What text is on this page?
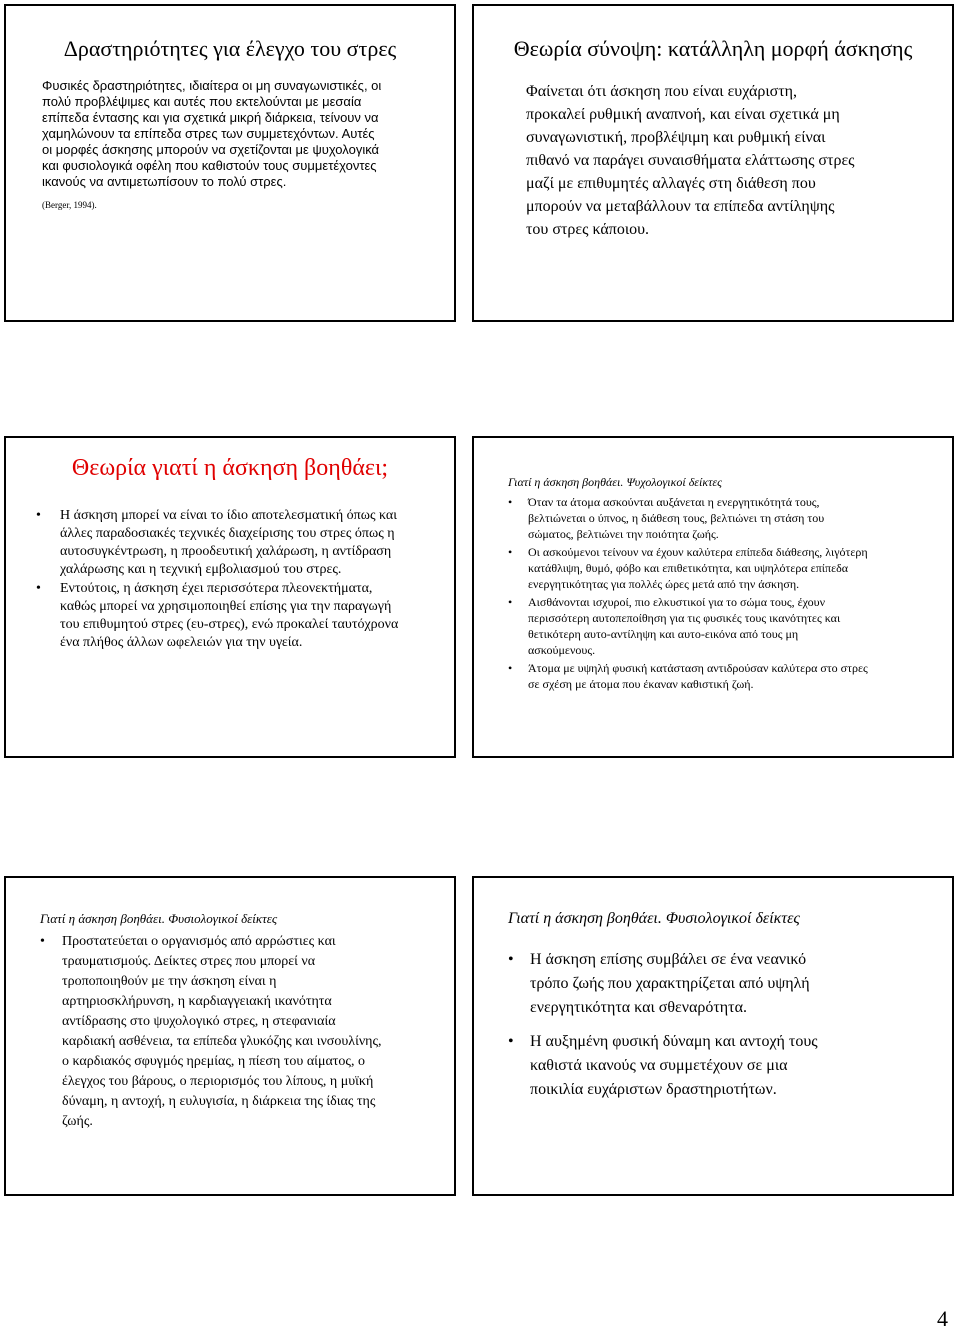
Δραστηριότητες για έλεγχο του στρες

Φυσικές δραστηριότητες, ιδιαίτερα οι μη συναγωνιστικές, οι πολύ προβλέψιμες και αυτές που εκτελούνται με μεσαία επίπεδα έντασης και για σχετικά μικρή διάρκεια, τείνουν να χαμηλώνουν τα επίπεδα στρες των συμμετεχόντων. Αυτές οι μορφές άσκησης μπορούν να σχετίζονται με ψυχολογικά και φυσιολογικά οφέλη που καθιστούν τους συμμετέχοντες ικανούς να αντιμετωπίσουν το πολύ στρες.

(Berger, 1994).

Θεωρία σύνοψη: κατάλληλη μορφή άσκησης

Φαίνεται ότι άσκηση που είναι ευχάριστη, προκαλεί ρυθμική αναπνοή, και είναι σχετικά μη συναγωνιστική, προβλέψιμη και ρυθμική είναι πιθανό να παράγει συναισθήματα ελάττωσης στρες μαζί με επιθυμητές αλλαγές στη διάθεση που μπορούν να μεταβάλλουν τα επίπεδα αντίληψης του στρες κάποιου.

Θεωρία γιατί η άσκηση βοηθάει;
• Η άσκηση μπορεί να είναι το ίδιο αποτελεσματική όπως και άλλες παραδοσιακές τεχνικές διαχείρισης του στρες όπως η αυτοσυγκέντρωση, η προοδευτική χαλάρωση, η αντίδραση χαλάρωσης και η τεχνική εμβολιασμού του στρες.
• Εντούτοις, η άσκηση έχει περισσότερα πλεονεκτήματα, καθώς μπορεί να χρησιμοποιηθεί επίσης για την παραγωγή του επιθυμητού στρες (ευ-στρες), ενώ προκαλεί ταυτόχρονα ένα πλήθος άλλων ωφελειών για την υγεία.

Γιατί η άσκηση βοηθάει. Ψυχολογικοί δείκτες

• Όταν τα άτομα ασκούνται αυξάνεται η ενεργητικότητά τους, βελτιώνεται ο ύπνος, η διάθεση τους, βελτιώνει τη στάση του σώματος, βελτιώνει την ποιότητα ζωής.
• Οι ασκούμενοι τείνουν να έχουν καλύτερα επίπεδα διάθεσης, λιγότερη κατάθλιψη, θυμό, φόβο και επιθετικότητα, και υψηλότερα επίπεδα ενεργητικότητας για πολλές ώρες μετά από την άσκηση.
• Αισθάνονται ισχυροί, πιο ελκυστικοί για το σώμα τους, έχουν περισσότερη αυτοπεποίθηση για τις φυσικές τους ικανότητες και θετικότερη αυτο-αντίληψη και αυτο-εικόνα από τους μη ασκούμενους.
• Άτομα με υψηλή φυσική κατάσταση αντιδρούσαν καλύτερα στο στρες σε σχέση με άτομα που έκαναν καθιστική ζωή.

Γιατί η άσκηση βοηθάει. Φυσιολογικοί δείκτες

• Προστατεύεται ο οργανισμός από αρρώστιες και τραυματισμούς. Δείκτες στρες που μπορεί να τροποποιηθούν με την άσκηση είναι η αρτηριοσκλήρυνση, η καρδιαγγειακή ικανότητα αντίδρασης στο ψυχολογικό στρες, η στεφανιαία καρδιακή ασθένεια, τα επίπεδα γλυκόζης και ινσουλίνης, ο καρδιακός σφυγμός ηρεμίας, η πίεση του αίματος, ο έλεγχος του βάρους, ο περιορισμός του λίπους, η μυϊκή δύναμη, η αντοχή, η ευλυγισία, η διάρκεια της ίδιας της ζωής.

Γιατί η άσκηση βοηθάει. Φυσιολογικοί δείκτες

• Η άσκηση επίσης συμβάλει σε ένα νεανικό τρόπο ζωής που χαρακτηρίζεται από υψηλή ενεργητικότητα και σθεναρότητα.
• Η αυξημένη φυσική δύναμη και αντοχή τους καθιστά ικανούς να συμμετέχουν σε μια ποικιλία ευχάριστων δραστηριοτήτων.
4
